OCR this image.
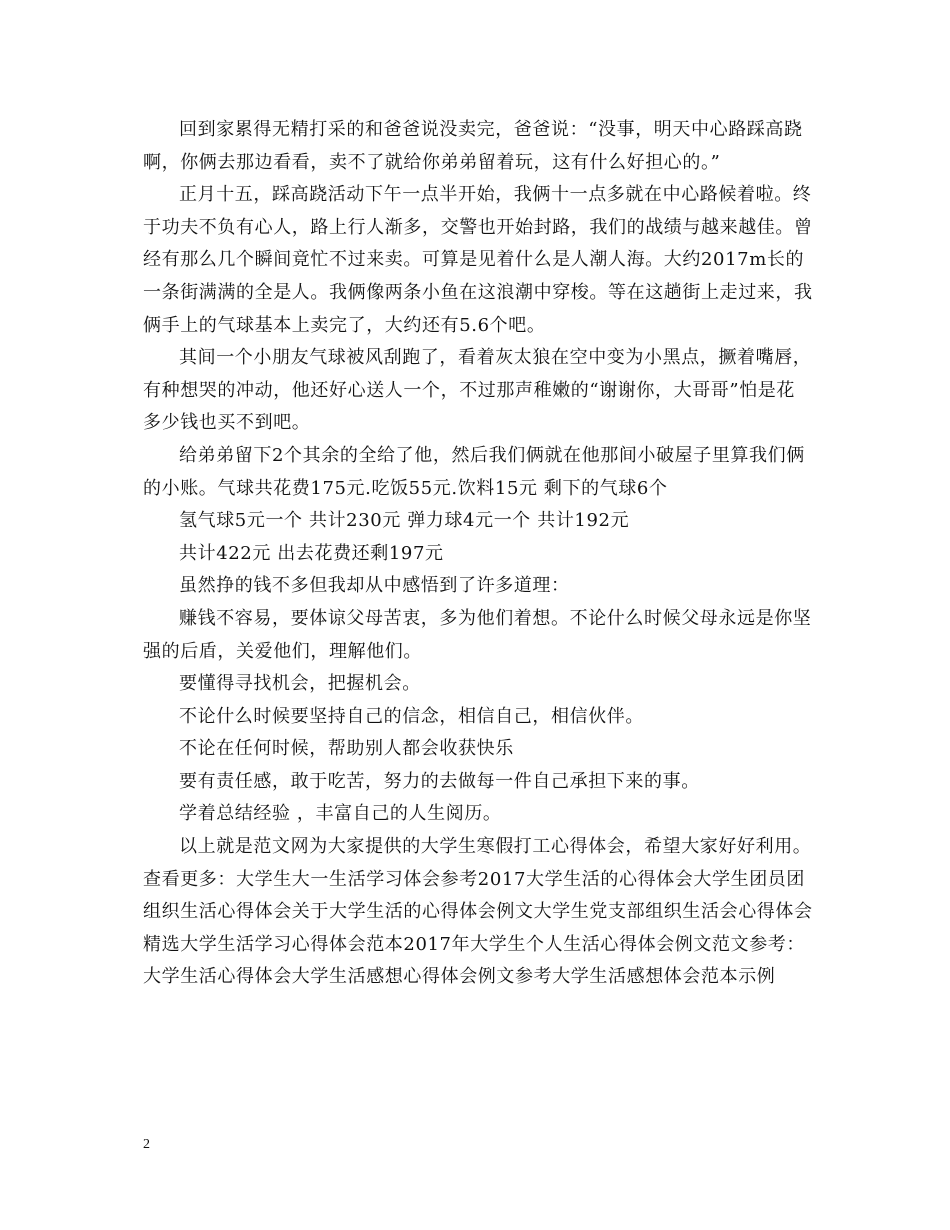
回到家累得无精打采的和爸爸说没卖完，爸爸说：“没事，明天中心路踩高跷啊，你俩去那边看看，卖不了就给你弟弟留着玩，这有什么好担心的。”

正月十五，踩高跷活动下午一点半开始，我俩十一点多就在中心路候着啦。终于功夫不负有心人，路上行人渐多，交警也开始封路，我们的战绩与越来越佳。曾经有那么几个瞬间竟忙不过来卖。可算是见着什么是人潮人海。大约2017m长的一条街满满的全是人。我俩像两条小鱼在这浪潮中穿梭。等在这趟街上走过来，我俩手上的气球基本上卖完了，大约还有5.6个吧。

其间一个小朋友气球被风刮跑了，看着灰太狼在空中变为小黑点，撅着嘴唇，有种想哭的冲动，他还好心送人一个，不过那声稚嫩的“谢谢你，大哥哥”怕是花多少钱也买不到吧。

给弟弟留下2个其余的全给了他，然后我们俩就在他那间小破屋子里算我们俩的小账。气球共花费175元.吃饭55元.饮料15元 剩下的气球6个

氢气球5元一个 共计230元 弹力球4元一个 共计192元

共计422元 出去花费还剩197元

虽然挣的钱不多但我却从中感悟到了许多道理：

赚钱不容易，要体谅父母苦衷，多为他们着想。不论什么时候父母永远是你坚强的后盾，关爱他们，理解他们。

要懂得寻找机会，把握机会。

不论什么时候要坚持自己的信念，相信自己，相信伙伴。

不论在任何时候，帮助别人都会收获快乐

要有责任感，敢于吃苦，努力的去做每一件自己承担下来的事。

学着总结经验 ，丰富自己的人生阅历。

以上就是范文网为大家提供的大学生寒假打工心得体会，希望大家好好利用。查看更多：大学生大一生活学习体会参考2017大学生活的心得体会大学生团员团组织生活心得体会关于大学生活的心得体会例文大学生党支部组织生活会心得体会精选大学生活学习心得体会范本2017年大学生个人生活心得体会例文范文参考：大学生活心得体会大学生活感想心得体会例文参考大学生活感想体会范本示例

2
